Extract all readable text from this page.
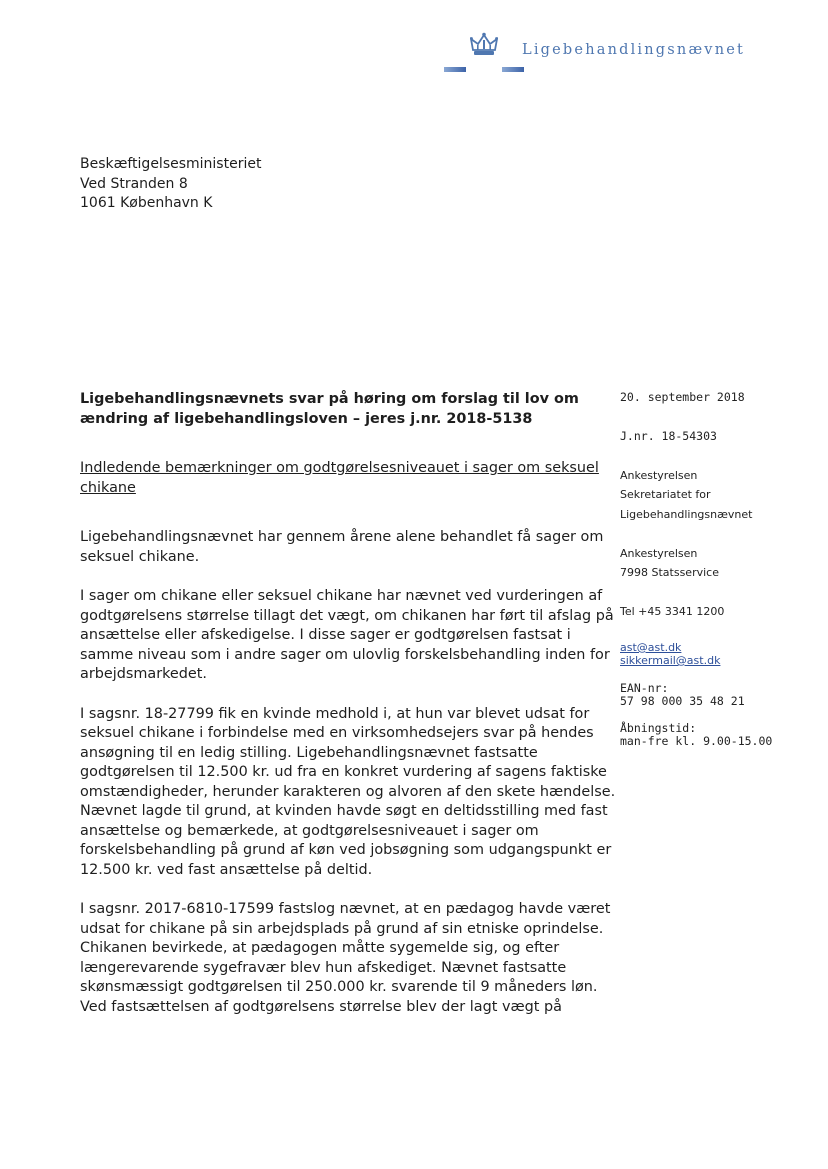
Ligebehandlingsnævnet
Beskæftigelsesministeriet
Ved Stranden 8
1061 København K
Ligebehandlingsnævnets svar på høring om forslag til lov om
ændring af ligebehandlingsloven – jeres j.nr. 2018-5138
Indledende bemærkninger om godtgørelsesniveauet i sager om seksuel
chikane
Ligebehandlingsnævnet har gennem årene alene behandlet få sager om
seksuel chikane.
I sager om chikane eller seksuel chikane har nævnet ved vurderingen af
godtgørelsens størrelse tillagt det vægt, om chikanen har ført til afslag på
ansættelse eller afskedigelse. I disse sager er godtgørelsen fastsat i
samme niveau som i andre sager om ulovlig forskelsbehandling inden for
arbejdsmarkedet.
I sagsnr. 18-27799 fik en kvinde medhold i, at hun var blevet udsat for
seksuel chikane i forbindelse med en virksomhedsejers svar på hendes
ansøgning til en ledig stilling. Ligebehandlingsnævnet fastsatte
godtgørelsen til 12.500 kr. ud fra en konkret vurdering af sagens faktiske
omstændigheder, herunder karakteren og alvoren af den skete hændelse.
Nævnet lagde til grund, at kvinden havde søgt en deltidsstilling med fast
ansættelse og bemærkede, at godtgørelsesniveauet i sager om
forskelsbehandling på grund af køn ved jobsøgning som udgangspunkt er
12.500 kr. ved fast ansættelse på deltid.
I sagsnr. 2017-6810-17599 fastslog nævnet, at en pædagog havde været
udsat for chikane på sin arbejdsplads på grund af sin etniske oprindelse.
Chikanen bevirkede, at pædagogen måtte sygemelde sig, og efter
længerevarende sygefravær blev hun afskediget. Nævnet fastsatte
skønsmæssigt godtgørelsen til 250.000 kr. svarende til 9 måneders løn.
Ved fastsættelsen af godtgørelsens størrelse blev der lagt vægt på
20. september 2018
J.nr. 18-54303
Ankestyrelsen
Sekretariatet for
Ligebehandlingsnævnet
Ankestyrelsen
7998 Statsservice
Tel +45 3341 1200
ast@ast.dk
sikkermail@ast.dk
EAN-nr:
57 98 000 35 48 21
Åbningstid:
man-fre kl. 9.00-15.00
